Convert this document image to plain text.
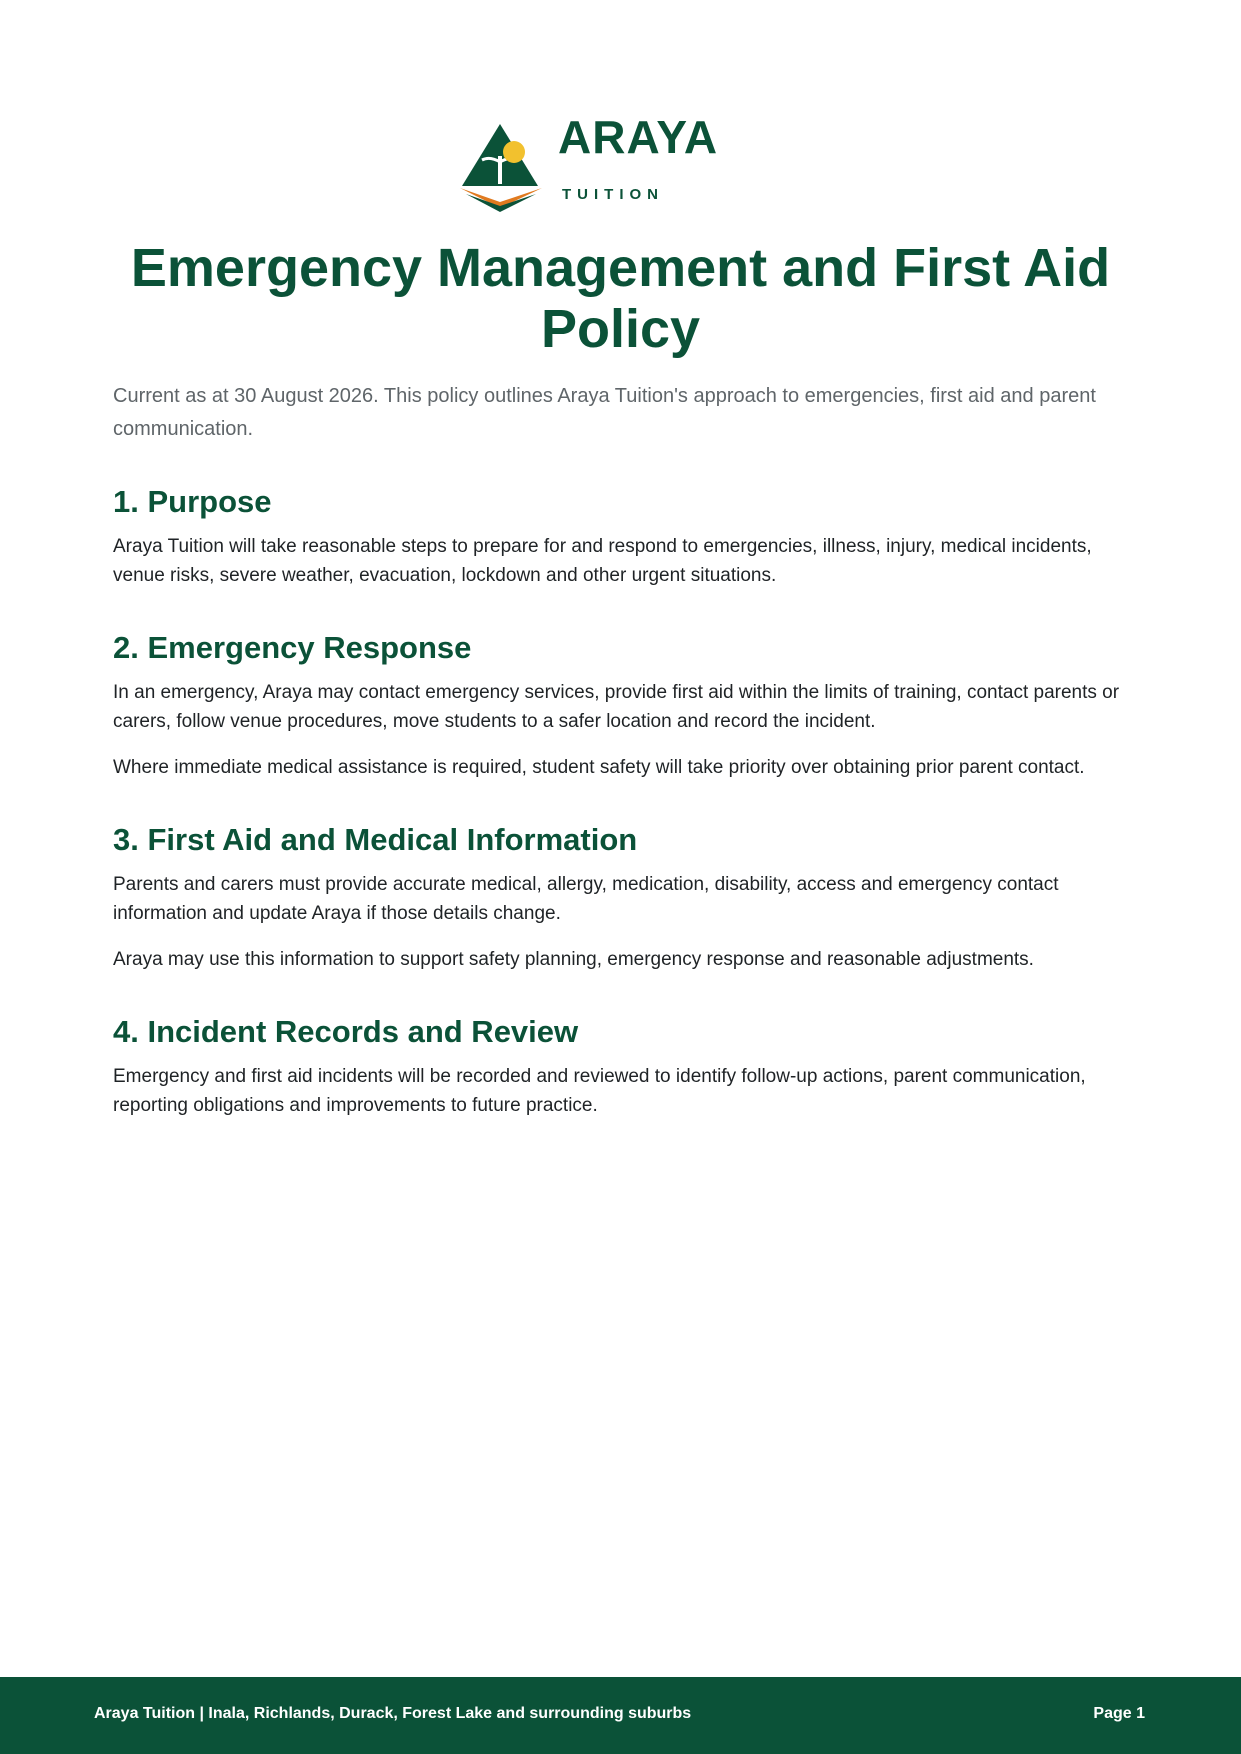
ARAYA
TUITION
Emergency Management and First Aid Policy

Current as at 30 August 2026. This policy outlines Araya Tuition's approach to emergencies, first aid and parent communication.

1. Purpose

Araya Tuition will take reasonable steps to prepare for and respond to emergencies, illness, injury, medical incidents, venue risks, severe weather, evacuation, lockdown and other urgent situations.

2. Emergency Response

In an emergency, Araya may contact emergency services, provide first aid within the limits of training, contact parents or carers, follow venue procedures, move students to a safer location and record the incident.

Where immediate medical assistance is required, student safety will take priority over obtaining prior parent contact.

3. First Aid and Medical Information

Parents and carers must provide accurate medical, allergy, medication, disability, access and emergency contact information and update Araya if those details change.

Araya may use this information to support safety planning, emergency response and reasonable adjustments.

4. Incident Records and Review

Emergency and first aid incidents will be recorded and reviewed to identify follow-up actions, parent communication, reporting obligations and improvements to future practice.

Araya Tuition | Inala, Richlands, Durack, Forest Lake and surrounding suburbs	Page 1
